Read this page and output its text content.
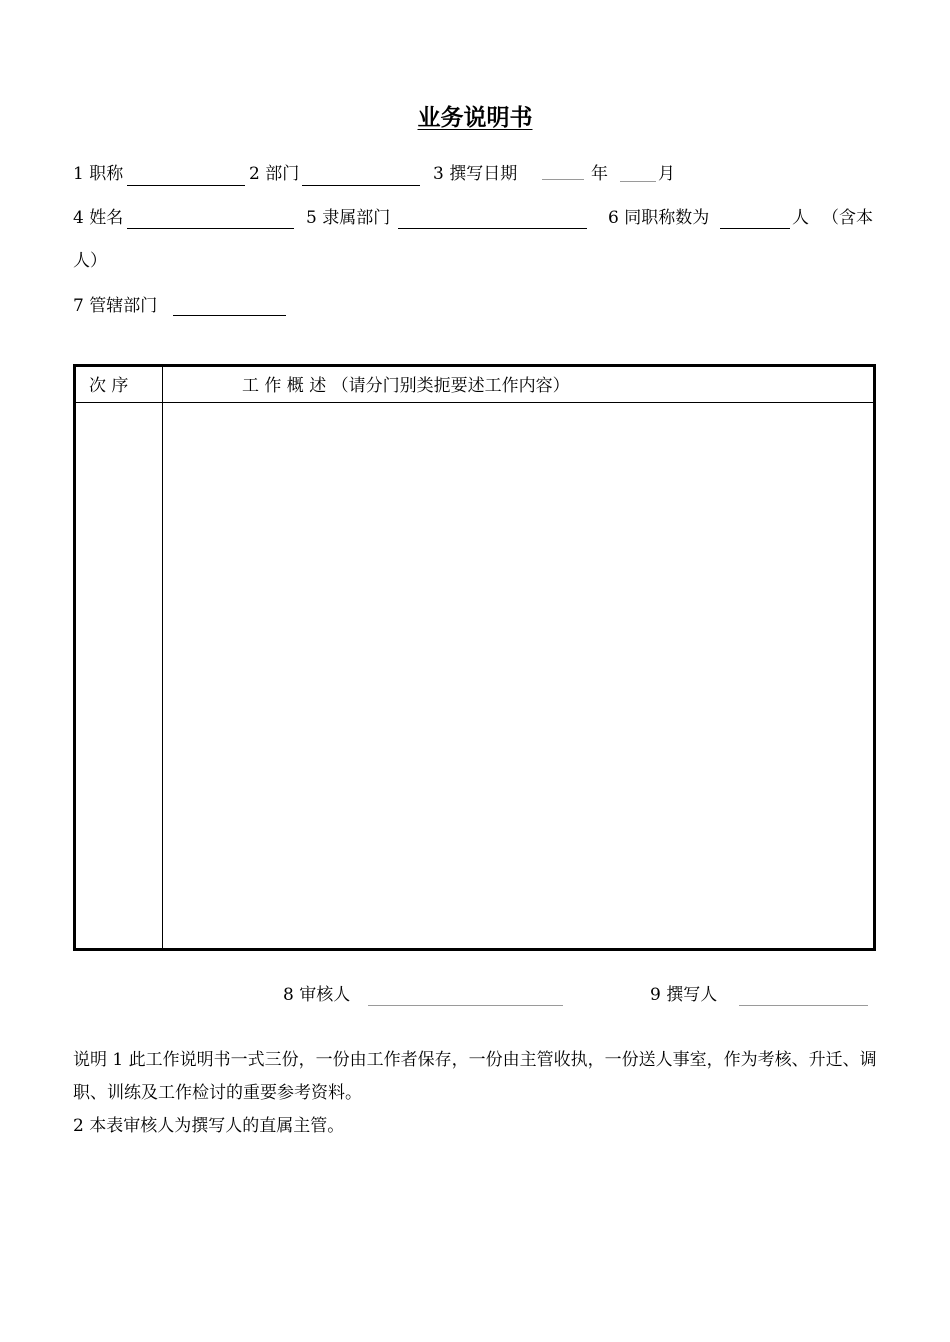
业务说明书
1 职称	2 部门	3 撰写日期	年	月
4 姓名	5 隶属部门	6 同职称数为	人 （含本
人）
7 管辖部门
次 序	工 作 概 述 （请分门别类扼要述工作内容）
8 审核人	9 撰写人
说明 1 此工作说明书一式三份，一份由工作者保存，一份由主管收执，一份送人事室，作为考核、升迁、调职、训练及工作检讨的重要参考资料。
2 本表审核人为撰写人的直属主管。
